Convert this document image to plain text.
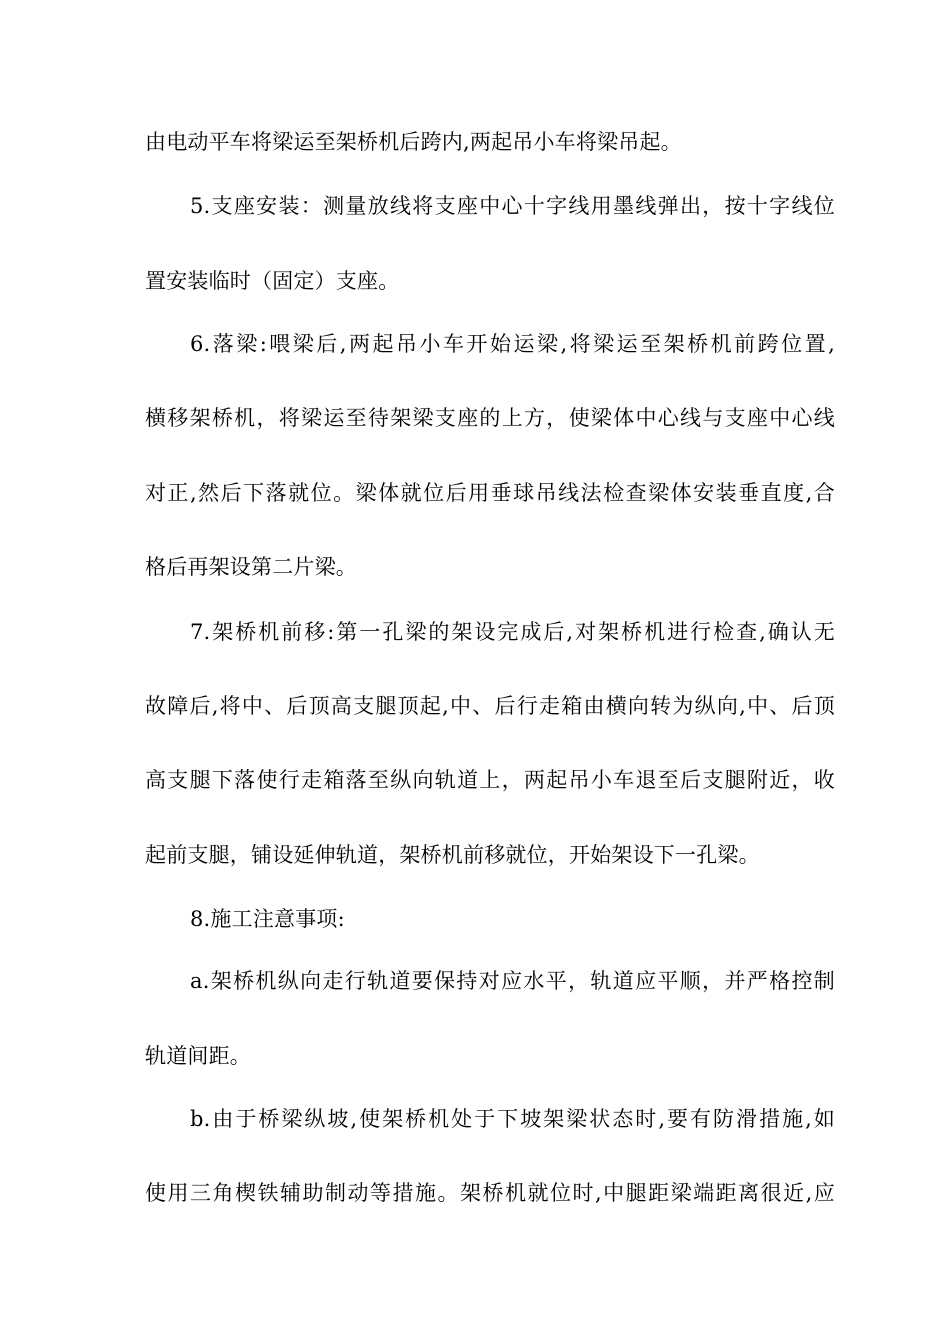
由电动平车将梁运至架桥机后跨内,两起吊小车将梁吊起。
5.支座安装：测量放线将支座中心十字线用墨线弹出，按十字线位
置安装临时（固定）支座。
6.落梁:喂梁后,两起吊小车开始运梁,将梁运至架桥机前跨位置,
横移架桥机，将梁运至待架梁支座的上方，使梁体中心线与支座中心线
对正,然后下落就位。梁体就位后用垂球吊线法检查梁体安装垂直度,合
格后再架设第二片梁。
7.架桥机前移:第一孔梁的架设完成后,对架桥机进行检查,确认无
故障后,将中、后顶高支腿顶起,中、后行走箱由横向转为纵向,中、后顶
高支腿下落使行走箱落至纵向轨道上，两起吊小车退至后支腿附近，收
起前支腿，铺设延伸轨道，架桥机前移就位，开始架设下一孔梁。
8.施工注意事项:
a.架桥机纵向走行轨道要保持对应水平，轨道应平顺，并严格控制
轨道间距。
b.由于桥梁纵坡,使架桥机处于下坡架梁状态时,要有防滑措施,如
使用三角楔铁辅助制动等措施。架桥机就位时,中腿距梁端距离很近,应
